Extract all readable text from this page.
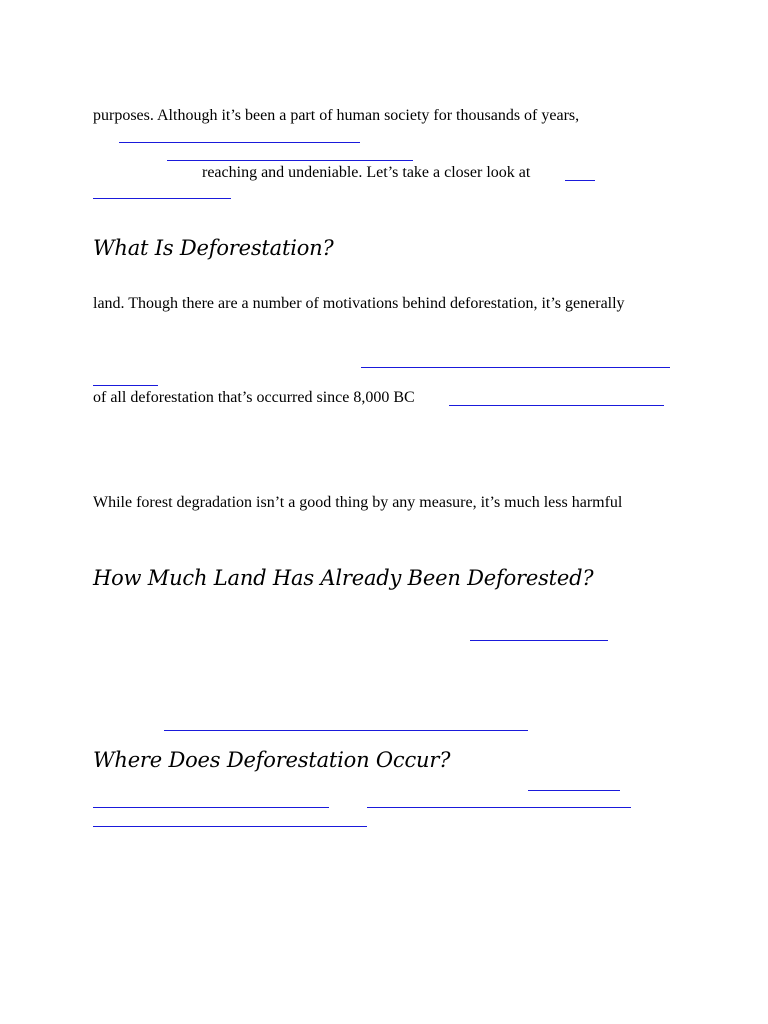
purposes. Although it’s been a part of human society for thousands of years,

reaching and undeniable. Let’s take a closer look at

What Is Deforestation?

land. Though there are a number of motivations behind deforestation, it’s generally

of all deforestation that’s occurred since 8,000 BC

While forest degradation isn’t a good thing by any measure, it’s much less harmful

How Much Land Has Already Been Deforested?
Where Does Deforestation Occur?
